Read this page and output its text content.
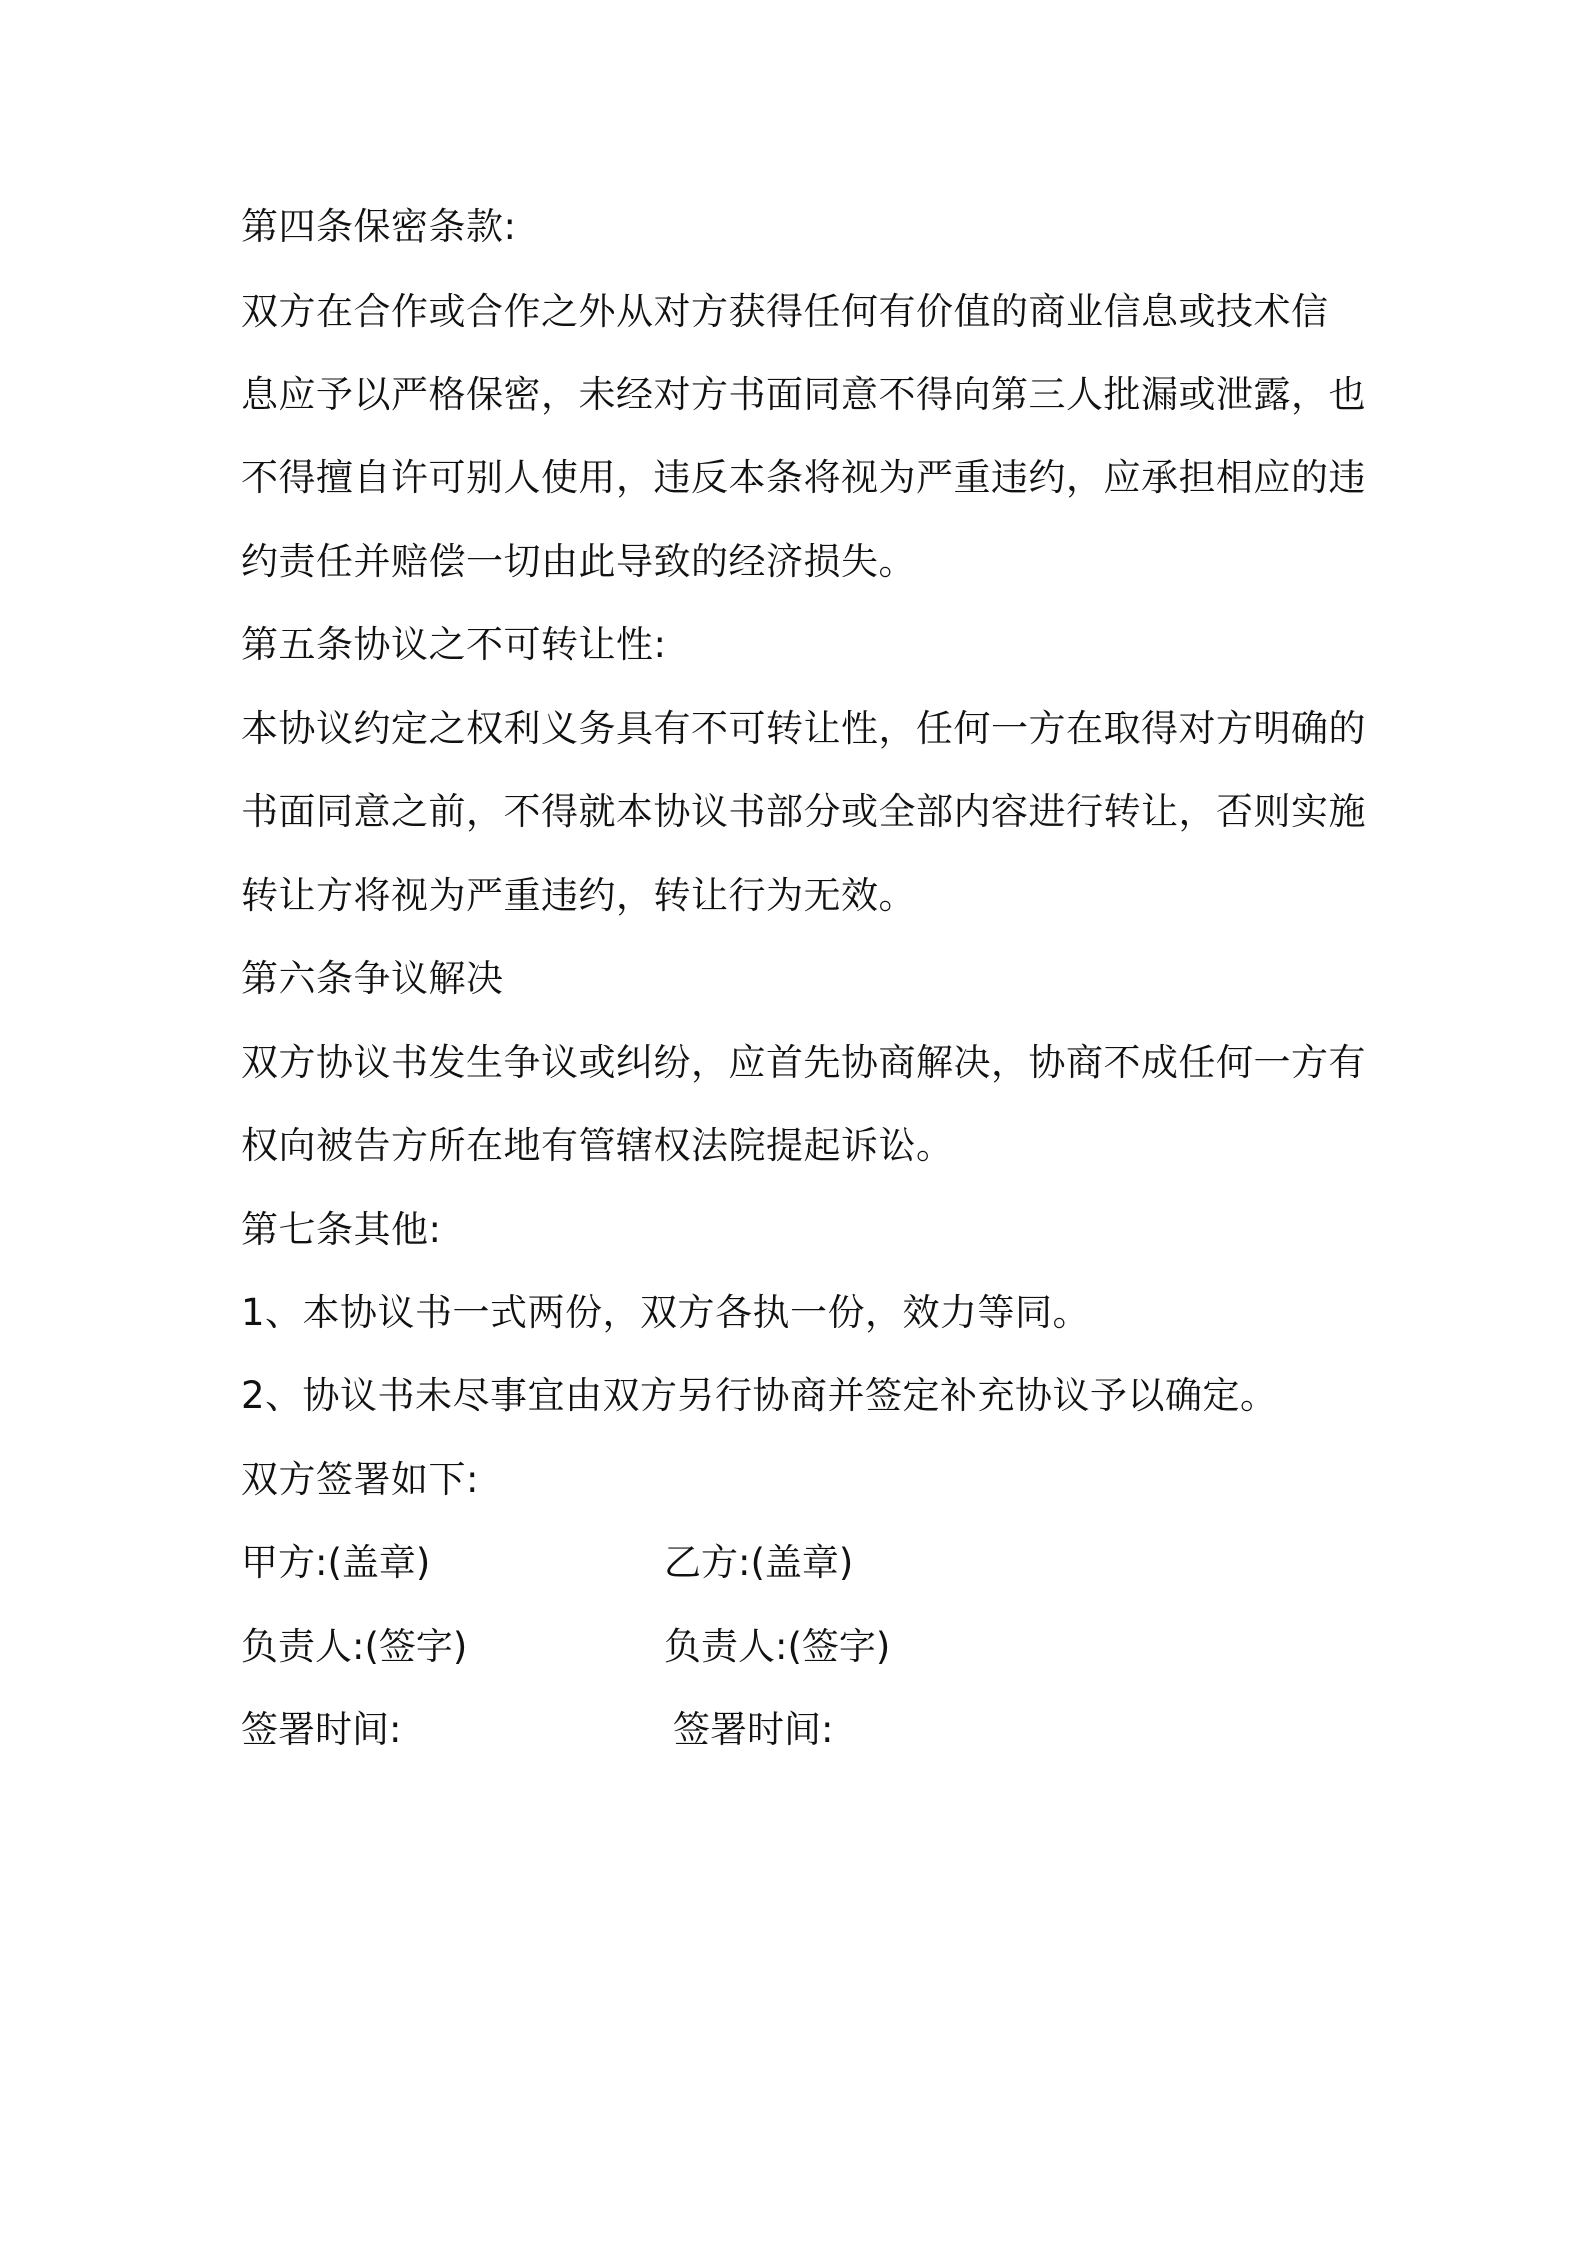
第四条保密条款:
双方在合作或合作之外从对方获得任何有价值的商业信息或技术信
息应予以严格保密，未经对方书面同意不得向第三人批漏或泄露，也
不得擅自许可别人使用，违反本条将视为严重违约，应承担相应的违
约责任并赔偿一切由此导致的经济损失。
第五条协议之不可转让性:
本协议约定之权利义务具有不可转让性，任何一方在取得对方明确的
书面同意之前，不得就本协议书部分或全部内容进行转让，否则实施
转让方将视为严重违约，转让行为无效。
第六条争议解决
双方协议书发生争议或纠纷，应首先协商解决，协商不成任何一方有
权向被告方所在地有管辖权法院提起诉讼。
第七条其他:
1、本协议书一式两份，双方各执一份，效力等同。
2、协议书未尽事宜由双方另行协商并签定补充协议予以确定。
双方签署如下:
甲方:(盖章)	乙方:(盖章)
负责人:(签字)	负责人:(签字)
签署时间:	签署时间:
